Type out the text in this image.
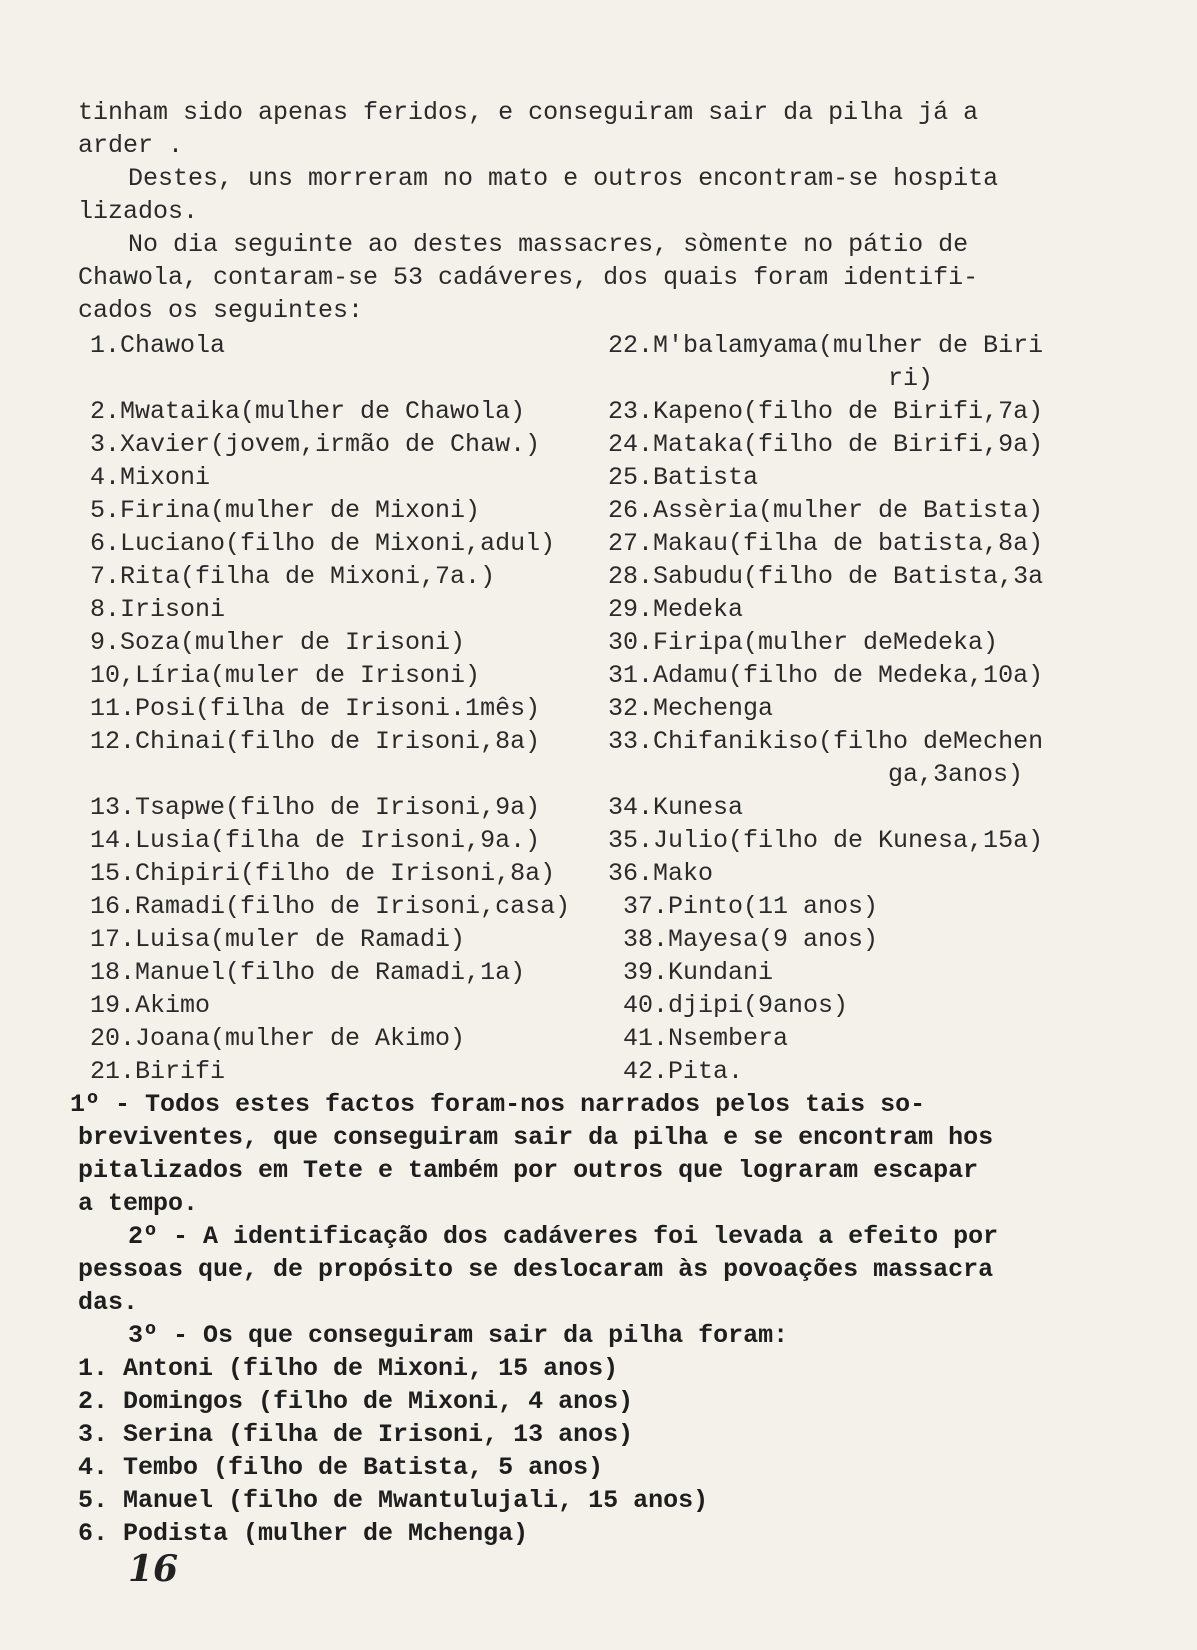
tinham sido apenas feridos, e conseguiram sair da pilha já a

arder .

Destes, uns morreram no mato e outros encontram-se hospita

lizados.

No dia seguinte ao destes massacres, sòmente no pátio de

Chawola, contaram-se 53 cadáveres, dos quais foram identifi-

cados os seguintes:

1.Chawola
2.Mwataika(mulher de Chawola)
3.Xavier(jovem,irmão de Chaw.)
4.Mixoni
5.Firina(mulher de Mixoni)
6.Luciano(filho de Mixoni,adul)
7.Rita(filha de Mixoni,7a.)
8.Irisoni
9.Soza(mulher de Irisoni)
10,Líria(muler de Irisoni)
11.Posi(filha de Irisoni.1mês)
12.Chinai(filho de Irisoni,8a)
13.Tsapwe(filho de Irisoni,9a)
14.Lusia(filha de Irisoni,9a.)
15.Chipiri(filho de Irisoni,8a)
16.Ramadi(filho de Irisoni,casa)
17.Luisa(muler de Ramadi)
18.Manuel(filho de Ramadi,1a)
19.Akimo
20.Joana(mulher de Akimo)
21.Birifi
22.M'balamyama(mulher de Biri
ri)
23.Kapeno(filho de Birifi,7a)
24.Mataka(filho de Birifi,9a)
25.Batista
26.Assèria(mulher de Batista)
27.Makau(filha de batista,8a)
28.Sabudu(filho de Batista,3a
29.Medeka
30.Firipa(mulher deMedeka)
31.Adamu(filho de Medeka,10a)
32.Mechenga
33.Chifanikiso(filho deMechen
ga,3anos)
34.Kunesa
35.Julio(filho de Kunesa,15a)
36.Mako
37.Pinto(11 anos)
38.Mayesa(9 anos)
39.Kundani
40.djipi(9anos)
41.Nsembera
42.Pita.

1º - Todos estes factos foram-nos narrados pelos tais so-

breviventes, que conseguiram sair da pilha e se encontram hos

pitalizados em Tete e também por outros que lograram escapar

a tempo.

2º - A identificação dos cadáveres foi levada a efeito por

pessoas que, de propósito se deslocaram às povoações massacra

das.

3º - Os que conseguiram sair da pilha foram:

1. Antoni (filho de Mixoni, 15 anos)

2. Domingos (filho de Mixoni, 4 anos)

3. Serina (filha de Irisoni, 13 anos)

4. Tembo (filho de Batista, 5 anos)

5. Manuel (filho de Mwantulujali, 15 anos)

6. Podista (mulher de Mchenga)

16
